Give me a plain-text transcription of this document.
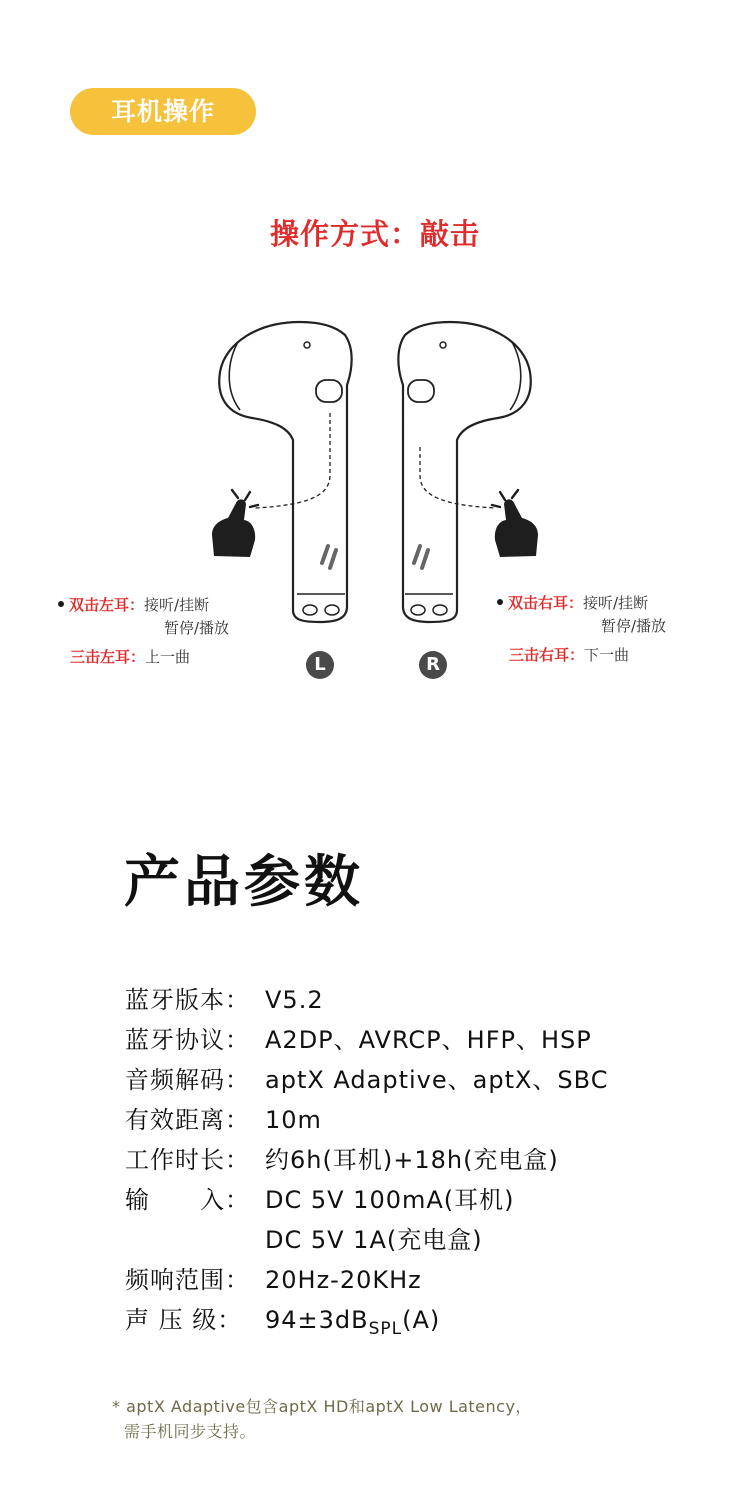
耳机操作
操作方式：敲击
双击左耳：接听/挂断
暂停/播放
三击左耳：上一曲
双击右耳：接听/挂断
暂停/播放
三击右耳：下一曲
L	R
产品参数
蓝牙版本： V5.2
蓝牙协议： A2DP、AVRCP、HFP、HSP
音频解码： aptX Adaptive、aptX、SBC
有效距离： 10m
工作时长： 约6h(耳机)+18h(充电盒)
输　　入： DC 5V 100mA(耳机)
DC 5V 1A(充电盒)
频响范围： 20Hz-20KHz
声 压 级： $94\pm 3dB_{SPL}(A)$
* aptX Adaptive包含aptX HD和aptX Low Latency，
需手机同步支持。
